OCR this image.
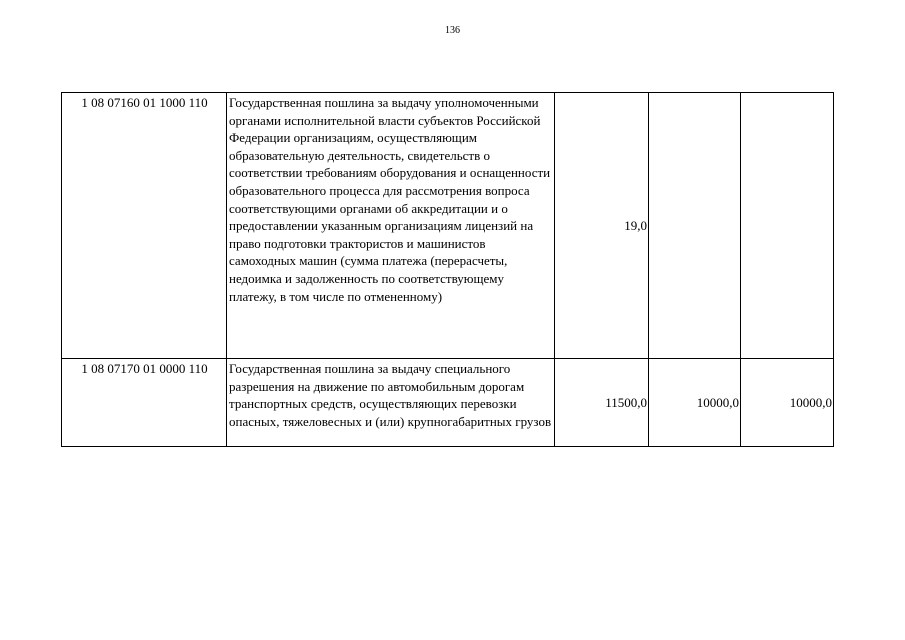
136
1 08 07160 01 1000 110	Государственная пошлина за выдачу уполномоченными органами исполнительной власти субъектов Российской Федерации организациям, осуществляющим образовательную деятельность, свидетельств о соответствии требованиям оборудования и оснащенности образовательного процесса для рассмотрения вопроса соответствующими органами об аккредитации и о предоставлении указанным организациям лицензий на право подготовки трактористов и машинистов самоходных машин (сумма платежа (перерасчеты, недоимка и задолженность по соответствующему платежу, в том числе по отмененному)	19,0		
1 08 07170 01 0000 110	Государственная пошлина за выдачу специального разрешения на движение по автомобильным дорогам транспортных средств, осуществляющих перевозки опасных, тяжеловесных и (или) крупногабаритных грузов	11500,0	10000,0	10000,0
